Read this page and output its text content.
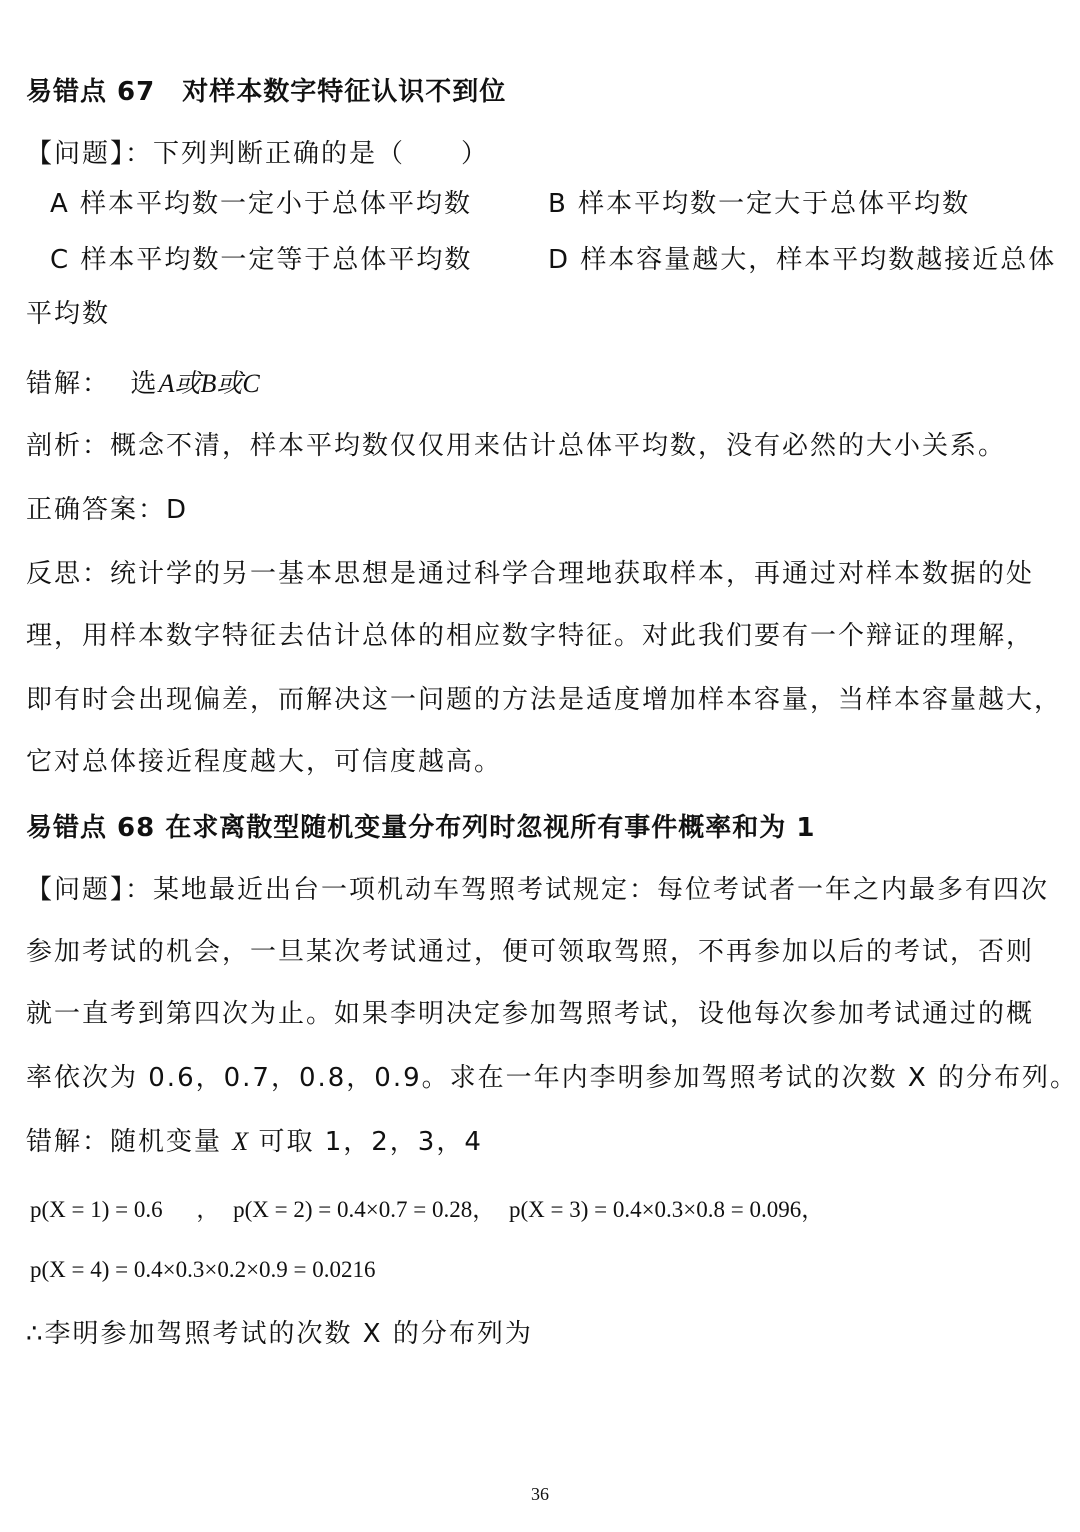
易错点 67　对样本数字特征认识不到位
【问题】：下列判断正确的是（　　）
A 样本平均数一定小于总体平均数	B 样本平均数一定大于总体平均数
C 样本平均数一定等于总体平均数	D 样本容量越大，样本平均数越接近总体
平均数
错解： 选A或B或C
剖析：概念不清，样本平均数仅仅用来估计总体平均数，没有必然的大小关系。
正确答案：D
反思：统计学的另一基本思想是通过科学合理地获取样本，再通过对样本数据的处
理，用样本数字特征去估计总体的相应数字特征。对此我们要有一个辩证的理解，
即有时会出现偏差，而解决这一问题的方法是适度增加样本容量，当样本容量越大，
它对总体接近程度越大，可信度越高。
易错点 68 在求离散型随机变量分布列时忽视所有事件概率和为 1
【问题】：某地最近出台一项机动车驾照考试规定：每位考试者一年之内最多有四次
参加考试的机会，一旦某次考试通过，便可领取驾照，不再参加以后的考试，否则
就一直考到第四次为止。如果李明决定参加驾照考试，设他每次参加考试通过的概
率依次为 0.6，0.7，0.8，0.9。求在一年内李明参加驾照考试的次数 X 的分布列。
错解：随机变量 X 可取 1，2，3，4
p(X = 1) = 0.6 ， p(X = 2) = 0.4×0.7 = 0.28， p(X = 3) = 0.4×0.3×0.8 = 0.096，
p(X = 4) = 0.4×0.3×0.2×0.9 = 0.0216
∴李明参加驾照考试的次数 X 的分布列为
36
